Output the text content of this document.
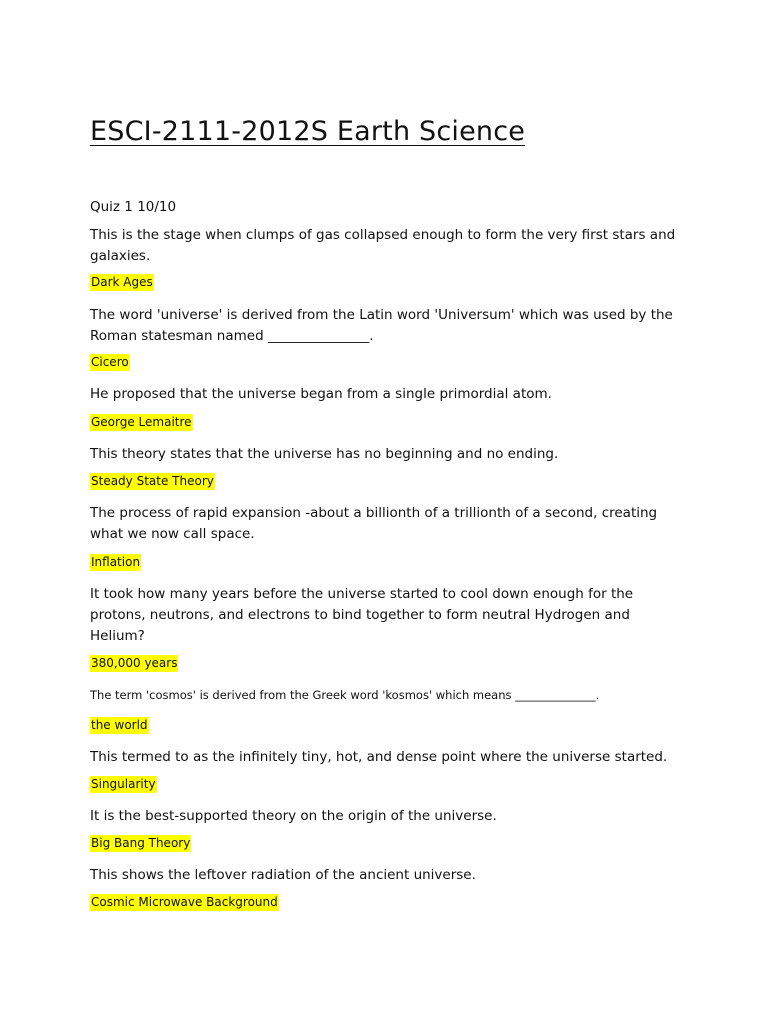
ESCI-2111-2012S Earth Science
Quiz 1 10/10

This is the stage when clumps of gas collapsed enough to form the very first stars and galaxies.

Dark Ages

The word 'universe' is derived from the Latin word 'Universum' which was used by the Roman statesman named _______________.

Cicero

He proposed that the universe began from a single primordial atom.

George Lemaitre

This theory states that the universe has no beginning and no ending.

Steady State Theory

The process of rapid expansion -about a billionth of a trillionth of a second, creating what we now call space.

Inflation

It took how many years before the universe started to cool down enough for the protons, neutrons, and electrons to bind together to form neutral Hydrogen and Helium?

380,000 years

The term 'cosmos' is derived from the Greek word 'kosmos' which means ______________.

the world

This termed to as the infinitely tiny, hot, and dense point where the universe started.

Singularity

It is the best-supported theory on the origin of the universe.

Big Bang Theory

This shows the leftover radiation of the ancient universe.

Cosmic Microwave Background
